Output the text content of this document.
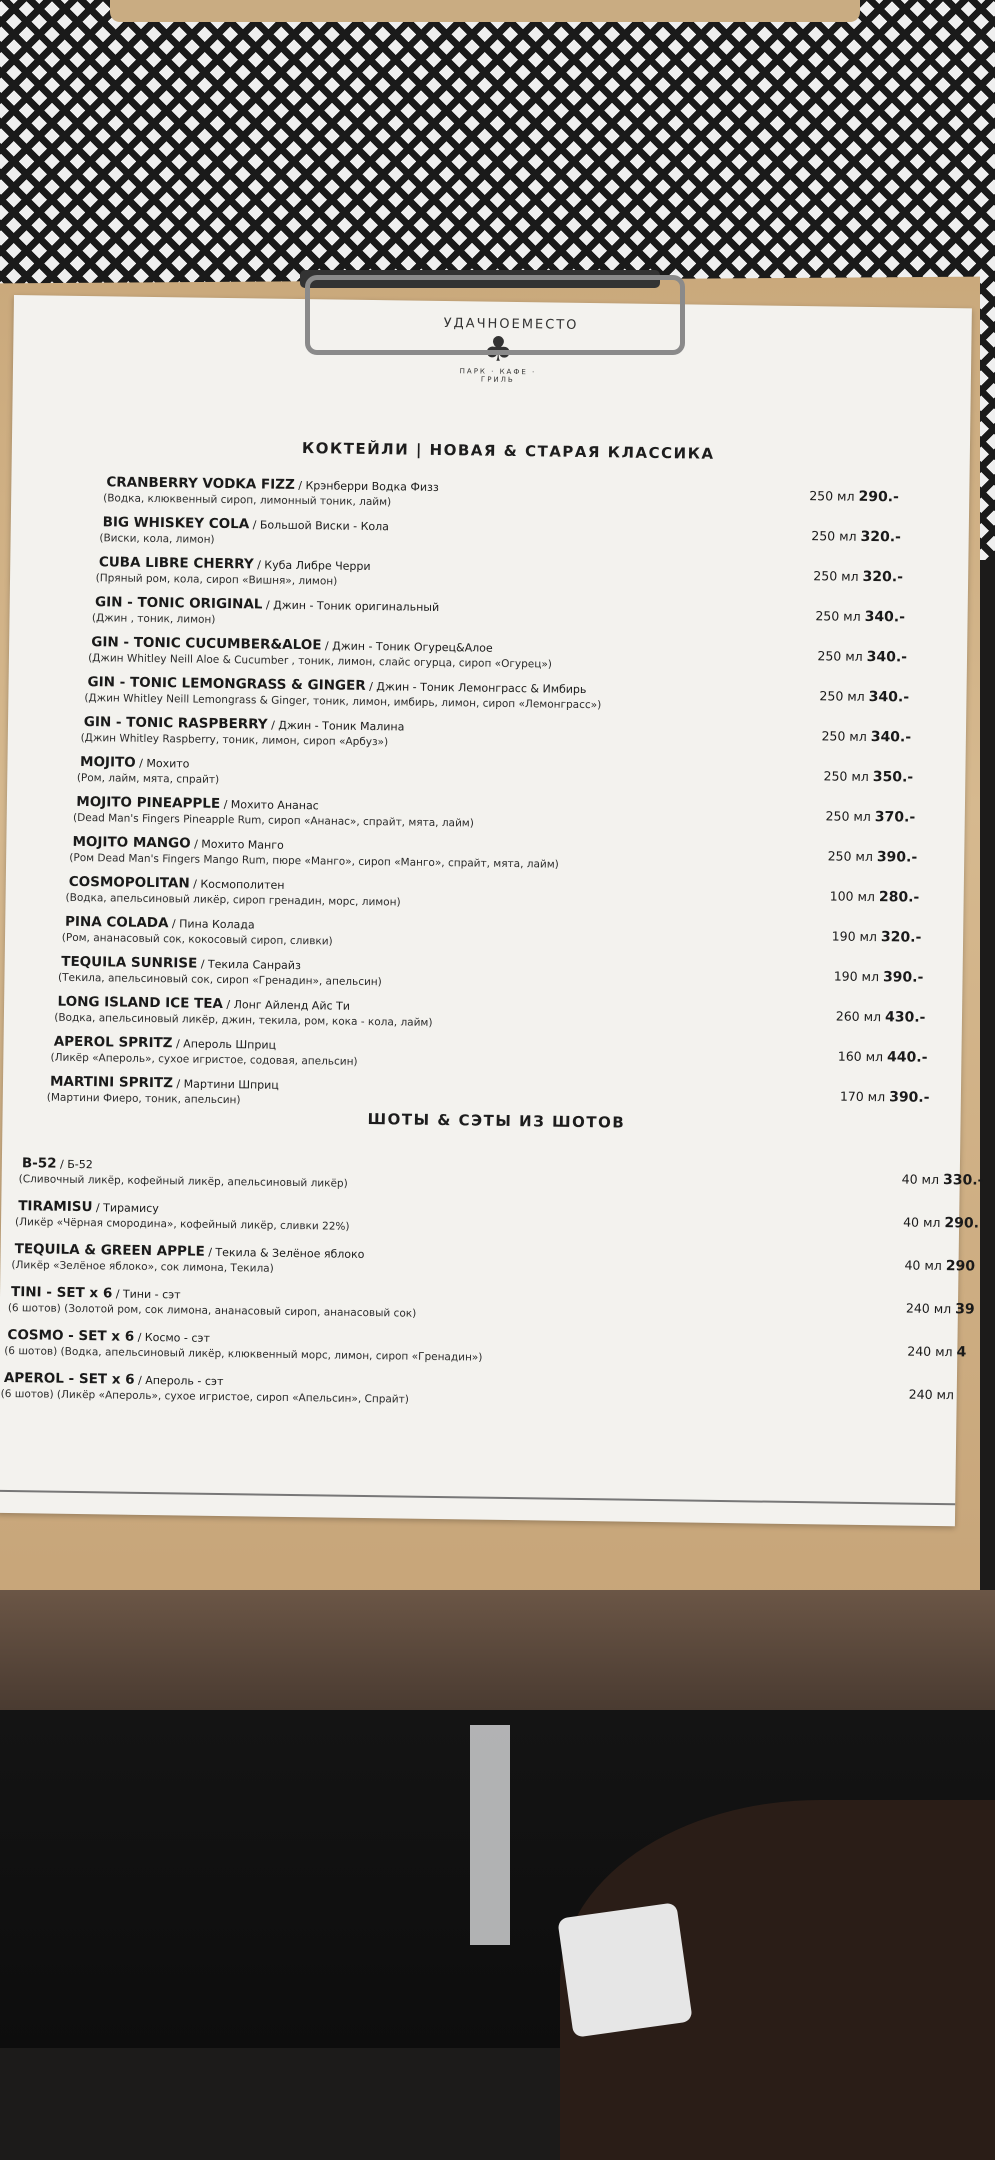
УДАЧНОЕМЕСТО
♣
ПАРК · КАФЕ · ГРИЛЬ
КОКТЕЙЛИ | НОВАЯ & СТАРАЯ КЛАССИКА
CRANBERRY VODKA FIZZ / Крэнберри Водка Физз
(Водка, клюквенный сироп, лимонный тоник, лайм)	250 мл 290.-
BIG WHISKEY COLA / Большой Виски - Кола
(Виски, кола, лимон)	250 мл 320.-
CUBA LIBRE CHERRY / Куба Либре Черри
(Пряный ром, кола, сироп «Вишня», лимон)	250 мл 320.-
GIN - TONIC ORIGINAL / Джин - Тоник оригинальный
(Джин , тоник, лимон)	250 мл 340.-
GIN - TONIC CUCUMBER&ALOE / Джин - Тоник Огурец&Алое
(Джин Whitley Neill Aloe & Cucumber , тоник, лимон, слайс огурца, сироп «Огурец»)	250 мл 340.-
GIN - TONIC LEMONGRASS & GINGER / Джин - Тоник Лемонграсс & Имбирь
(Джин Whitley Neill Lemongrass & Ginger, тоник, лимон, имбирь, лимон, сироп «Лемонграсс»)	250 мл 340.-
GIN - TONIC RASPBERRY / Джин - Тоник Малина
(Джин Whitley Raspberry, тоник, лимон, сироп «Арбуз»)	250 мл 340.-
MOJITO / Мохито
(Ром, лайм, мята, спрайт)	250 мл 350.-
MOJITO PINEAPPLE / Мохито Ананас
(Dead Man's Fingers Pineapple Rum, сироп «Ананас», спрайт, мята, лайм)	250 мл 370.-
MOJITO MANGO / Мохито Манго
(Ром Dead Man's Fingers Mango Rum, пюре «Манго», сироп «Манго», спрайт, мята, лайм)	250 мл 390.-
COSMOPOLITAN / Космополитен
(Водка, апельсиновый ликёр, сироп гренадин, морс, лимон)	100 мл 280.-
PINA COLADA / Пина Колада
(Ром, ананасовый сок, кокосовый сироп, сливки)	190 мл 320.-
TEQUILA SUNRISE / Текила Санрайз
(Текила, апельсиновый сок, сироп «Гренадин», апельсин)	190 мл 390.-
LONG ISLAND ICE TEA / Лонг Айленд Айс Ти
(Водка, апельсиновый ликёр, джин, текила, ром, кока - кола, лайм)	260 мл 430.-
APEROL SPRITZ / Апероль Шприц
(Ликёр «Апероль», сухое игристое, содовая, апельсин)	160 мл 440.-
MARTINI SPRITZ / Мартини Шприц
(Мартини Фиеро, тоник, апельсин)	170 мл 390.-
ШОТЫ & СЭТЫ ИЗ ШОТОВ
B-52 / Б-52
(Сливочный ликёр, кофейный ликёр, апельсиновый ликёр)	40 мл 330.-
TIRAMISU / Тирамису
(Ликёр «Чёрная смородина», кофейный ликёр, сливки 22%)	40 мл 290.
TEQUILA & GREEN APPLE / Текила & Зелёное яблоко
(Ликёр «Зелёное яблоко», сок лимона, Текила)	40 мл 290
TINI - SET x 6 / Тини - сэт
(6 шотов) (Золотой ром, сок лимона, ананасовый сироп, ананасовый сок)	240 мл 39
COSMO - SET x 6 / Космо - сэт
(6 шотов) (Водка, апельсиновый ликёр, клюквенный морс, лимон, сироп «Гренадин»)	240 мл 4
APEROL - SET x 6 / Апероль - сэт
(6 шотов) (Ликёр «Апероль», сухое игристое, сироп «Апельсин», Спрайт)	240 мл
